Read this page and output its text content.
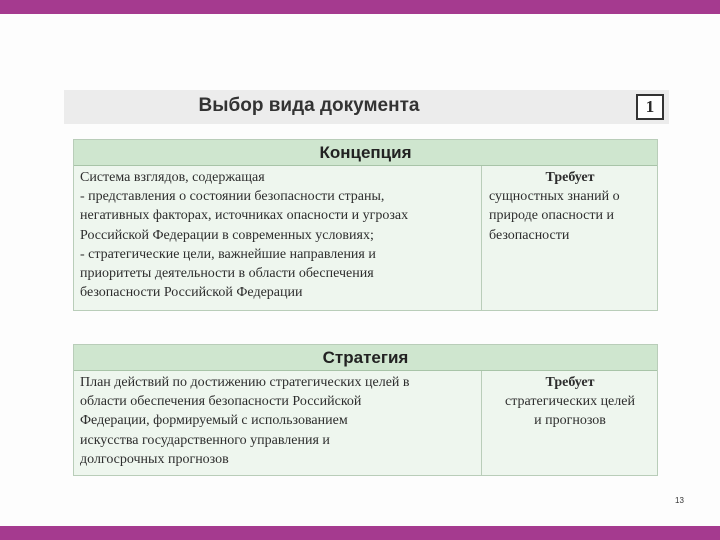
Выбор вида документа	1
Концепция
Система взглядов, содержащая
- представления о состоянии безопасности страны,
негативных факторах, источниках опасности и угрозах
Российской Федерации в современных условиях;
- стратегические цели, важнейшие направления и
приоритеты деятельности в области обеспечения
безопасности Российской Федерации
Требует
сущностных знаний о
природе опасности и
безопасности
Стратегия
План действий по достижению стратегических целей в
области обеспечения безопасности Российской
Федерации, формируемый с использованием
искусства государственного управления и
долгосрочных прогнозов
Требует
стратегических целей
и прогнозов
13
